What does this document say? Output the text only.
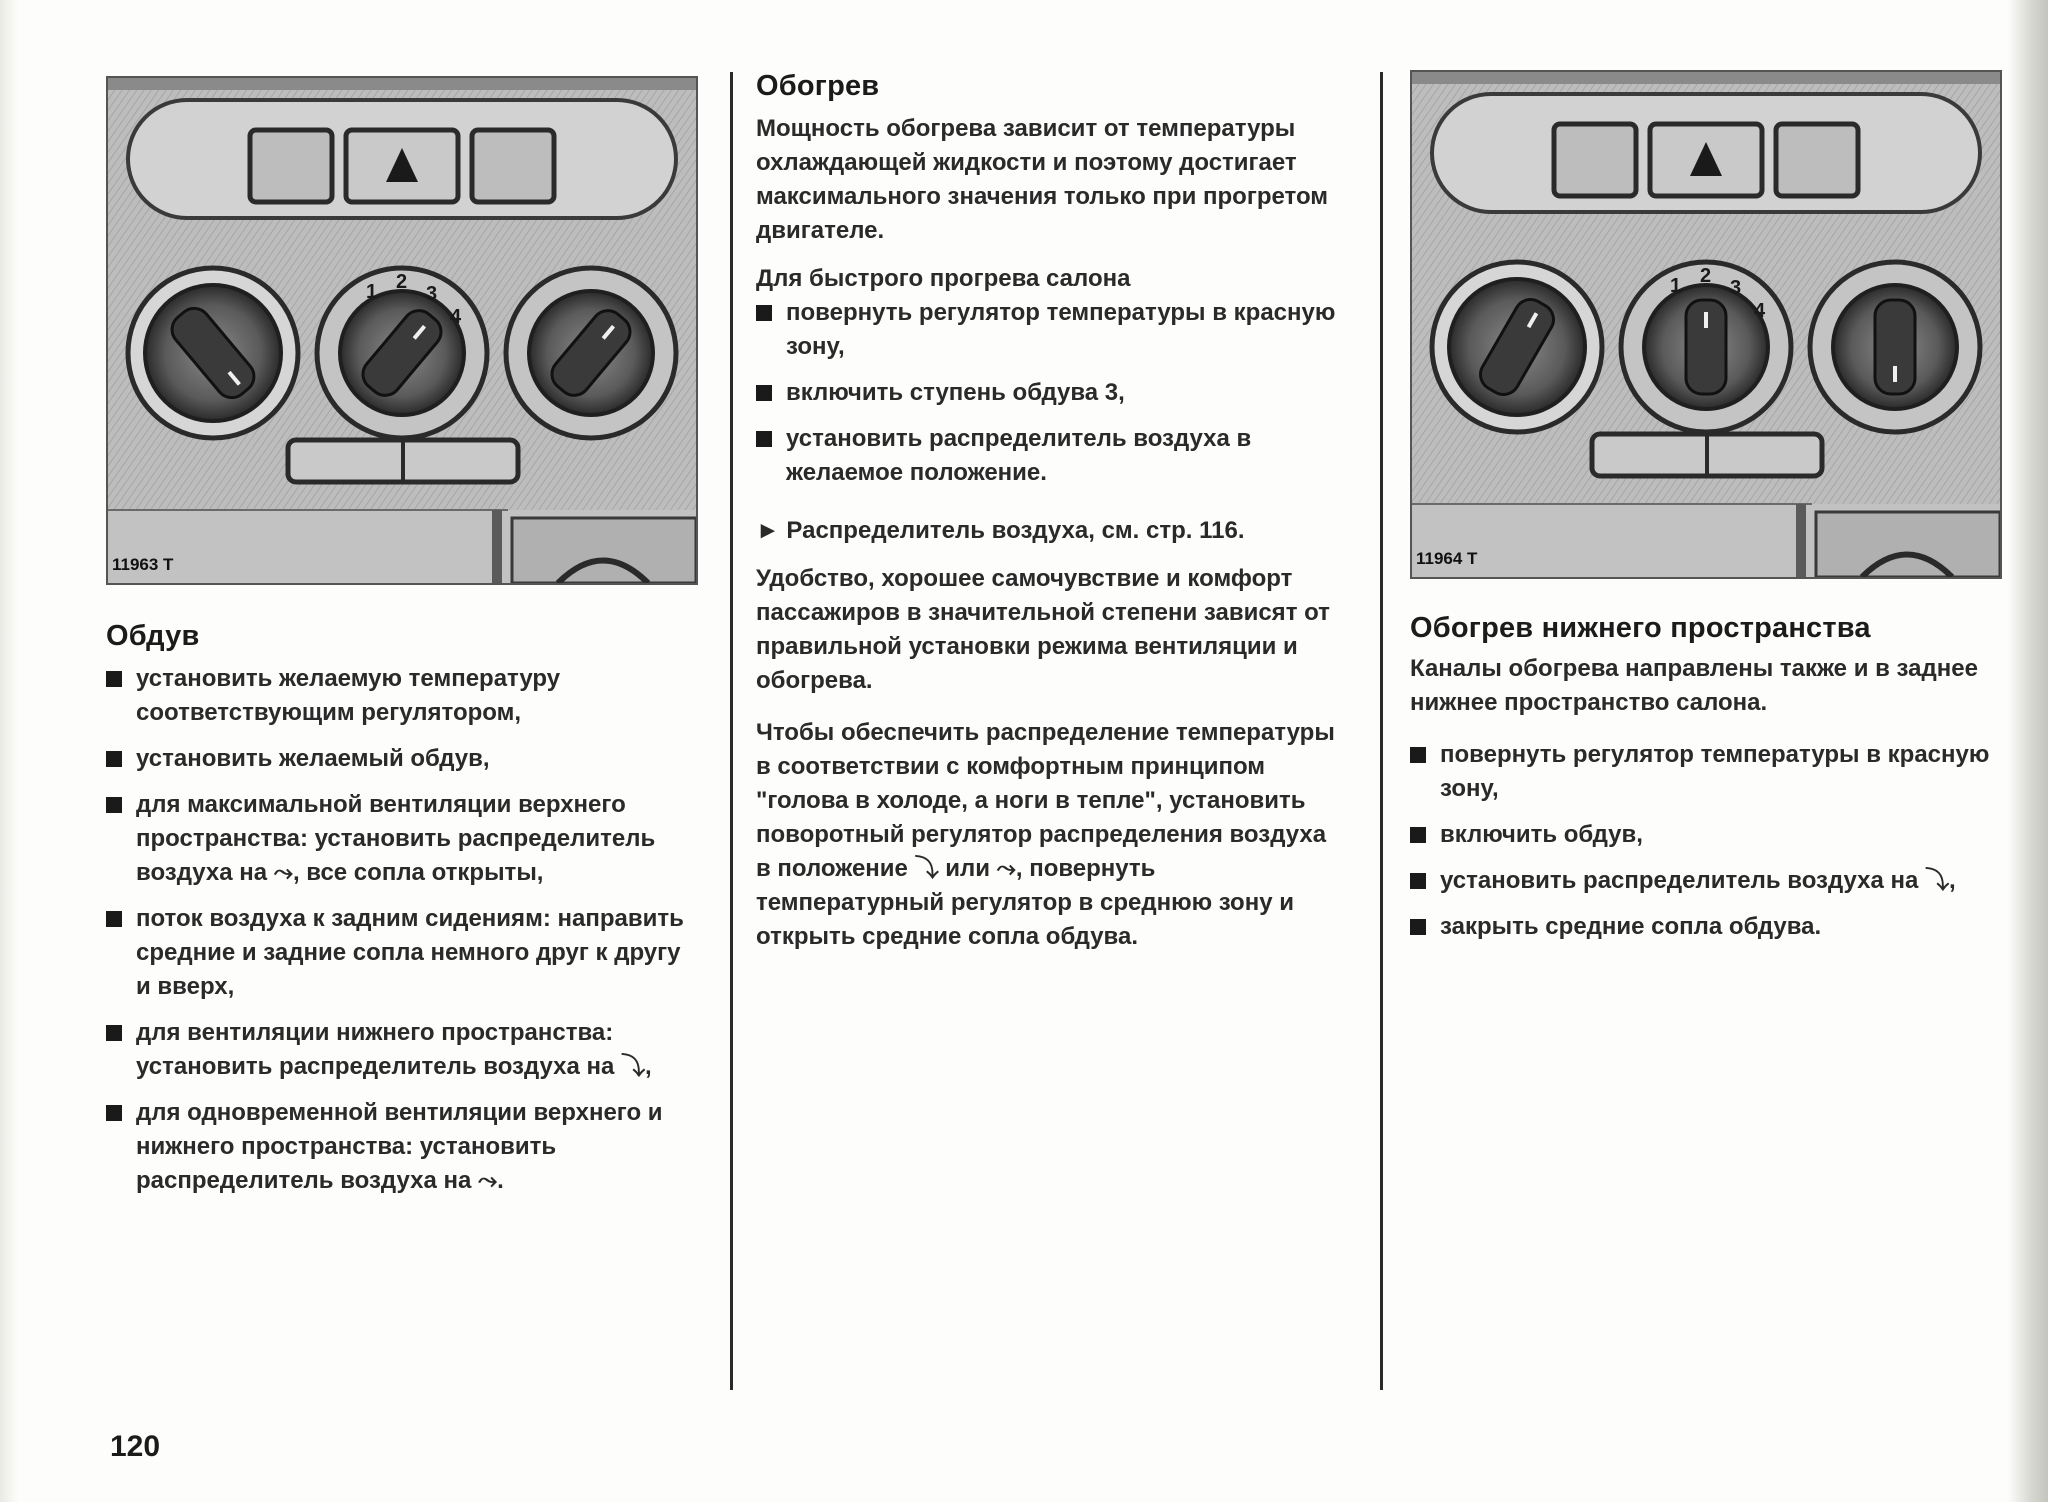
1 2
3
4
11963 T
Обдув
установить желаемую температуру соответствующим регулятором,
установить желаемый обдув,
для максимальной вентиляции верхнего пространства: установить распределитель воздуха на ⤳, все сопла открыты,
поток воздуха к задним сидениям: направить средние и задние сопла немного друг к другу и вверх,
для вентиляции нижнего пространства: установить распределитель воздуха на ⤵,
для одновременной вентиляции верхнего и нижнего пространства: установить распределитель воздуха на ⤳.
Обогрев

Мощность обогрева зависит от температуры охлаждающей жидкости и поэтому достигает максимального значения только при прогретом двигателе.

Для быстрого прогрева салона

повернуть регулятор температуры в красную зону,
включить ступень обдува 3,
установить распределитель воздуха в желаемое положение.
► Распределитель воздуха, см. стр. 116.

Удобство, хорошее самочувствие и комфорт пассажиров в значительной степени зависят от правильной установки режима вентиляции и обогрева.

Чтобы обеспечить распределение температуры в соответствии с комфортным принципом "голова в холоде, а ноги в тепле", установить поворотный регулятор распределения воздуха в положение ⤵ или ⤳, повернуть температурный регулятор в среднюю зону и открыть средние сопла обдува.

1 2
3
4
11964 T
Обогрев нижнего пространства

Каналы обогрева направлены также и в заднее нижнее пространство салона.

повернуть регулятор температуры в красную зону,
включить обдув,
установить распределитель воздуха на ⤵,
закрыть средние сопла обдува.
120
